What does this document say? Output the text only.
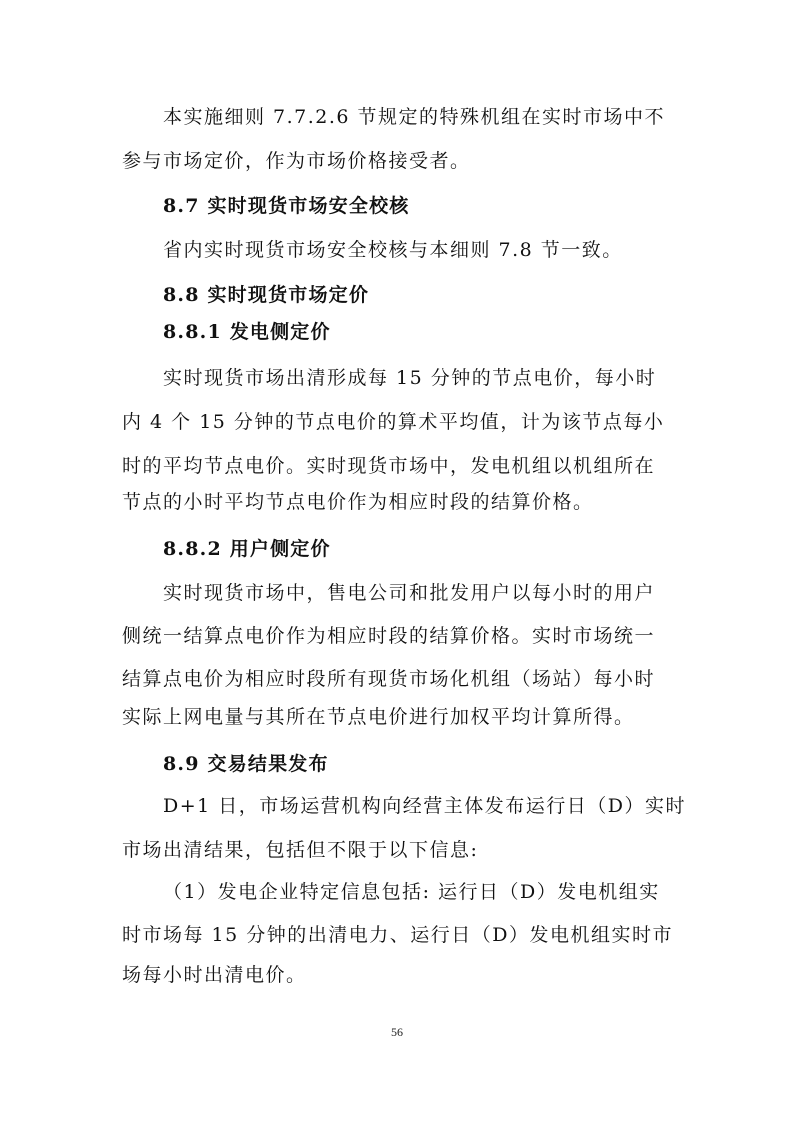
本实施细则 7.7.2.6 节规定的特殊机组在实时市场中不
参与市场定价，作为市场价格接受者。
8.7 实时现货市场安全校核
省内实时现货市场安全校核与本细则 7.8 节一致。
8.8 实时现货市场定价
8.8.1 发电侧定价
实时现货市场出清形成每 15 分钟的节点电价，每小时
内 4 个 15 分钟的节点电价的算术平均值，计为该节点每小
时的平均节点电价。实时现货市场中，发电机组以机组所在
节点的小时平均节点电价作为相应时段的结算价格。
8.8.2 用户侧定价
实时现货市场中，售电公司和批发用户以每小时的用户
侧统一结算点电价作为相应时段的结算价格。实时市场统一
结算点电价为相应时段所有现货市场化机组（场站）每小时
实际上网电量与其所在节点电价进行加权平均计算所得。
8.9 交易结果发布
D+1 日，市场运营机构向经营主体发布运行日（D）实时
市场出清结果，包括但不限于以下信息:
（1）发电企业特定信息包括: 运行日（D）发电机组实
时市场每 15 分钟的出清电力、运行日（D）发电机组实时市
场每小时出清电价。
56
